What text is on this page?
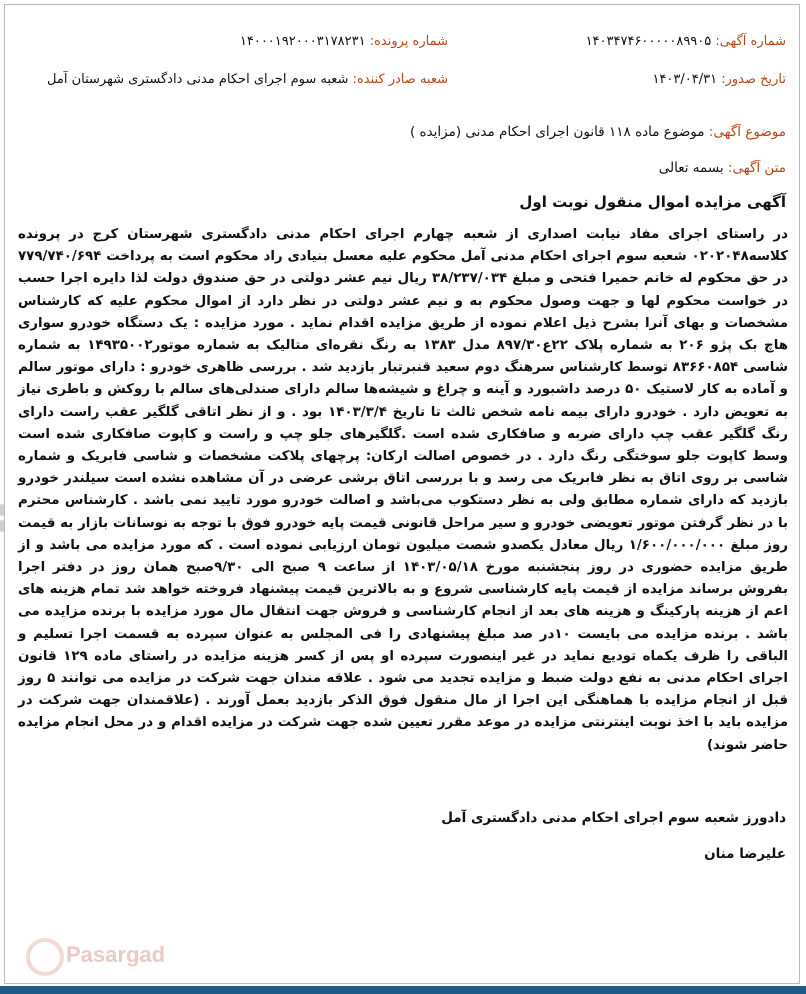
شماره آگهی: ۱۴۰۳۴۷۴۶۰۰۰۰۰۸۹۹۰۵
شماره پرونده: ۱۴۰۰۰۱۹۲۰۰۰۳۱۷۸۲۳۱
تاریخ صدور: ۱۴۰۳/۰۴/۳۱
شعبه صادر کننده: شعبه سوم اجرای احکام مدنی دادگستری شهرستان آمل
موضوع آگهی: موضوع ماده ۱۱۸ قانون اجرای احکام مدنی (مزایده )
متن آگهی: بسمه تعالی
آگهی مزایده اموال منقول نوبت اول
در راستای اجرای مفاد نیابت اصداری از شعبه چهارم اجرای احکام مدنی دادگستری شهرستان کرج در پرونده کلاسه۰۲۰۲۰۴۸ شعبه سوم اجرای احکام مدنی آمل محکوم علیه معسل بنیادی راد محکوم است به پرداخت ۷۷۹/۷۴۰/۶۹۴ در حق محکوم له خانم حمیرا فتحی و مبلغ ۳۸/۲۳۷/۰۳۴ ریال نیم عشر دولتی در حق صندوق دولت لذا دایره اجرا حسب در خواست محکوم لها و جهت وصول محکوم به و نیم عشر دولتی در نظر دارد از اموال محکوم علیه که کارشناس مشخصات و بهای آنرا بشرح ذیل اعلام نموده از طریق مزایده اقدام نماید . مورد مزایده : یک دستگاه خودرو سواری هاچ بک پژو ۲۰۶ به شماره پلاک ۲۲ع۸۹۷/۳۰ مدل ۱۳۸۳ به رنگ نقره‌ای متالیک به شماره موتور۱۴۹۳۵۰۰۲ به شماره شاسی ۸۳۶۶۰۸۵۴ توسط کارشناس سرهنگ دوم سعید قنبرتبار بازدید شد . بررسی ظاهری خودرو : دارای موتور سالم و آماده به کار لاستیک ۵۰ درصد داشبورد و آینه و چراغ و شیشه‌ها سالم دارای صندلی‌های سالم با روکش و باطری نیاز به تعویض دارد . خودرو دارای بیمه نامه شخص ثالث تا تاریخ ۱۴۰۳/۳/۴ بود . و از نظر اتاقی گلگیر عقب راست دارای رنگ گلگیر عقب چپ دارای ضربه و صافکاری شده است .گلگیرهای جلو چپ و راست و کاپوت صافکاری شده است وسط کاپوت جلو سوختگی رنگ دارد . در خصوص اصالت ارکان: پرچهای پلاکت مشخصات و شاسی فابریک و شماره شاسی بر روی اتاق به نظر فابریک می رسد و با بررسی اتاق برشی عرضی در آن مشاهده نشده است سیلندر خودرو بازدید که دارای شماره مطابق ولی به نظر دستکوب می‌باشد و اصالت خودرو مورد تایید نمی باشد . کارشناس محترم با در نظر گرفتن موتور تعویضی خودرو و سیر مراحل قانونی قیمت پایه خودرو فوق با توجه به نوسانات بازار به قیمت روز مبلغ ۱/۶۰۰/۰۰۰/۰۰۰ ریال معادل یکصدو شصت میلیون تومان ارزیابی نموده است . که مورد مزایده می باشد و از طریق مزایده حضوری در روز پنجشنبه مورخ ۱۴۰۳/۰۵/۱۸ از ساعت ۹ صبح الی ۹/۳۰صبح همان روز در دفتر اجرا بفروش برساند مزایده از قیمت پایه کارشناسی شروع و به بالاترین قیمت پیشنهاد فروخته خواهد شد تمام هزینه های اعم از هزینه پارکینگ و هزینه های بعد از انجام کارشناسی و فروش جهت انتقال مال مورد مزایده با برنده مزایده می باشد . برنده مزایده می بایست ۱۰در صد مبلغ پیشنهادی را فی المجلس به عنوان سپرده به قسمت اجرا تسلیم و الباقی را ظرف یکماه تودیع نماید در غیر اینصورت سپرده او پس از کسر هزینه مزایده در راستای ماده ۱۲۹ قانون اجرای احکام مدنی به نفع دولت ضبط و مزایده تجدید می شود . علاقه مندان جهت شرکت در مزایده می توانند ۵ روز قبل از انجام مزایده با هماهنگی این اجرا از مال منقول فوق الذکر بازدید بعمل آورند . (علاقمندان جهت شرکت در مزایده باید با اخذ نوبت اینترنتی مزایده در موعد مقرر تعیین شده جهت شرکت در مزایده اقدام و در محل انجام مزایده حاضر شوند)
دادورز شعبه سوم اجرای احکام مدنی دادگستری آمل
علیرضا منان
Pasargad
